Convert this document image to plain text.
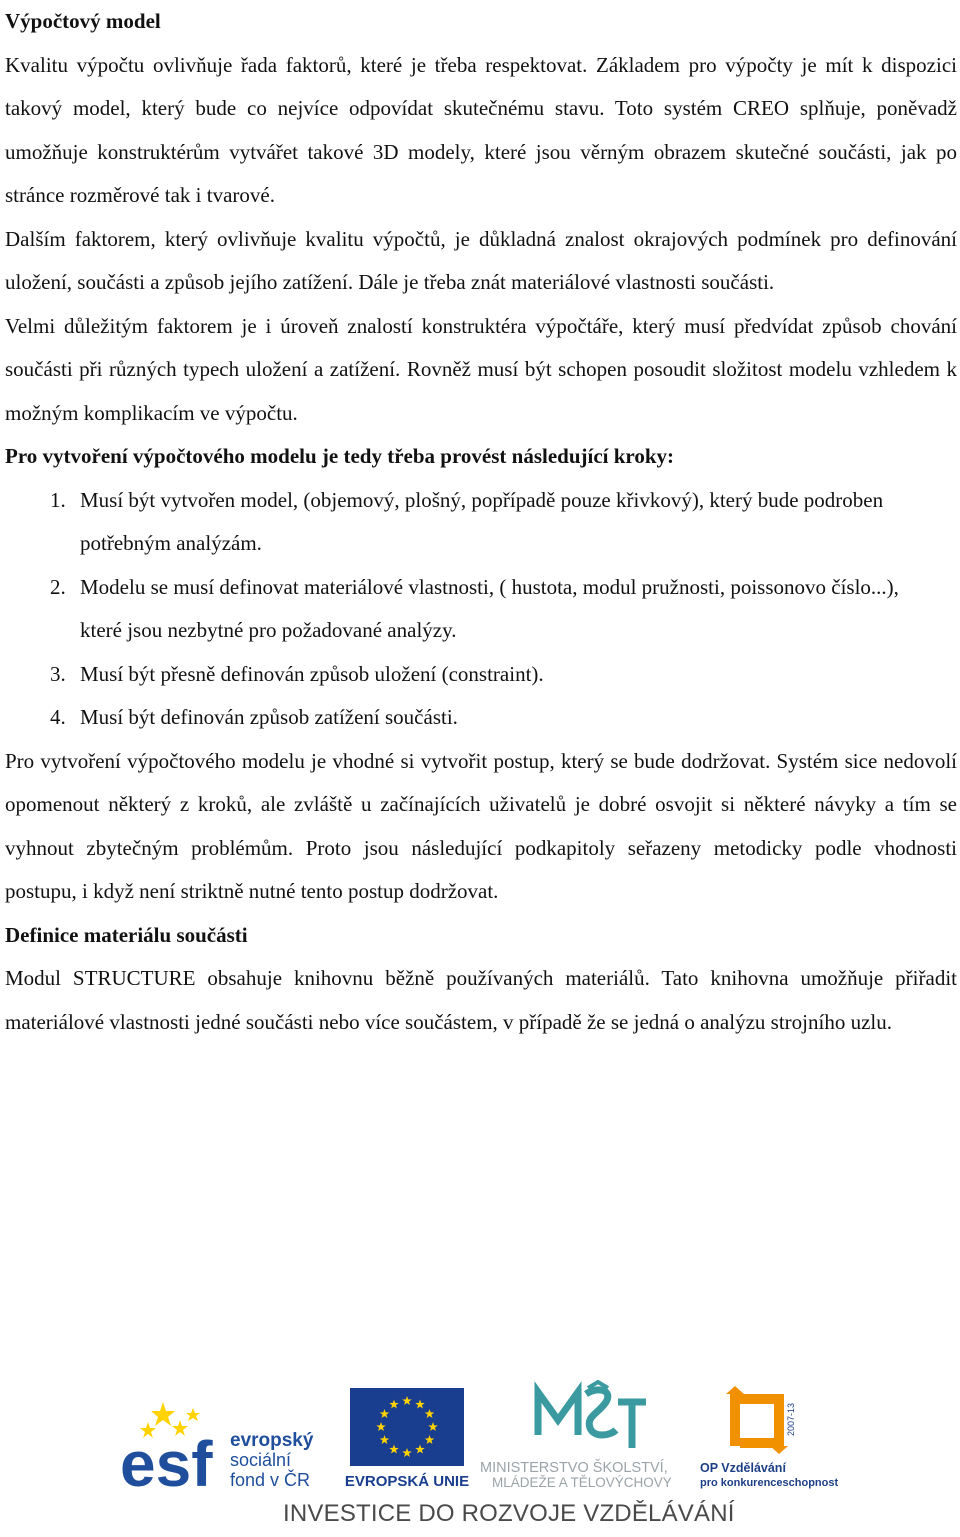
Výpočtový model

Kvalitu výpočtu ovlivňuje řada faktorů, které je třeba respektovat. Základem pro výpočty je mít k dispozici takový model, který bude co nejvíce odpovídat skutečnému stavu. Toto systém CREO splňuje, poněvadž umožňuje konstruktérům vytvářet takové 3D modely, které jsou věrným obrazem skutečné součásti, jak po stránce rozměrové tak i tvarové.

Dalším faktorem, který ovlivňuje kvalitu výpočtů, je důkladná znalost okrajových podmínek pro definování uložení, součásti a způsob jejího zatížení. Dále je třeba znát materiálové vlastnosti součásti.

Velmi důležitým faktorem je i úroveň znalostí konstruktéra výpočtáře, který musí předvídat způsob chování součásti při různých typech uložení a zatížení. Rovněž musí být schopen posoudit složitost modelu vzhledem k možným komplikacím ve výpočtu.

Pro vytvoření výpočtového modelu je tedy třeba provést následující kroky:

1. Musí být vytvořen model, (objemový, plošný, popřípadě pouze křivkový), který bude podroben potřebným analýzám.
2. Modelu se musí definovat materiálové vlastnosti, ( hustota, modul pružnosti, poissonovo číslo...), které jsou nezbytné pro požadované analýzy.
3. Musí být přesně definován způsob uložení (constraint).
4. Musí být definován způsob zatížení součásti.

Pro vytvoření výpočtového modelu je vhodné si vytvořit postup, který se bude dodržovat. Systém sice nedovolí opomenout některý z kroků, ale zvláště u začínajících uživatelů je dobré osvojit si některé návyky a tím se vyhnout zbytečným problémům. Proto jsou následující podkapitoly seřazeny metodicky podle vhodnosti postupu, i když není striktně nutné tento postup dodržovat.

Definice materiálu součásti

Modul STRUCTURE obsahuje knihovnu běžně používaných materiálů. Tato knihovna umožňuje přiřadit materiálové vlastnosti jedné součásti nebo více součástem, v případě že se jedná o analýzu strojního uzlu.

esf evropský
sociální
fond v ČR EVROPSKÁ UNIE
MINISTERSTVO ŠKOLSTVÍ,
MLÁDEŽE A TĚLOVÝCHOVY
2007-13
OP Vzdělávání
pro konkurenceschopnost
INVESTICE DO ROZVOJE VZDĚLÁVÁNÍ
